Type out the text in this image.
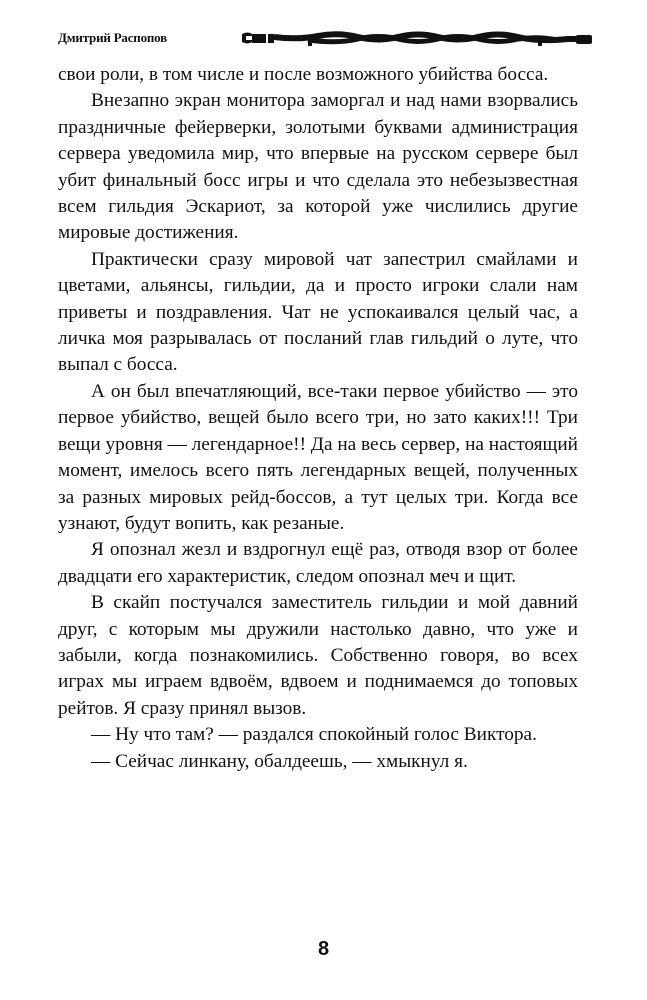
Дмитрий Распопов

свои роли, в том числе и после возможного убийства босса.

Внезапно экран монитора заморгал и над нами взорвались праздничные фейерверки, золотыми буквами администрация сервера уведомила мир, что впервые на русском сервере был убит финальный босс игры и что сделала это небезызвестная всем гильдия Эскариот, за которой уже числились другие мировые достижения.

Практически сразу мировой чат запестрил смайлами и цветами, альянсы, гильдии, да и просто игроки слали нам приветы и поздравления. Чат не успокаивался целый час, а личка моя разрывалась от посланий глав гильдий о луте, что выпал с босса.

А он был впечатляющий, все-таки первое убийство — это первое убийство, вещей было всего три, но зато каких!!! Три вещи уровня — легендарное!! Да на весь сервер, на настоящий момент, имелось всего пять легендарных вещей, полученных за разных мировых рейд-боссов, а тут целых три. Когда все узнают, будут вопить, как резаные.

Я опознал жезл и вздрогнул ещё раз, отводя взор от более двадцати его характеристик, следом опознал меч и щит.

В скайп постучался заместитель гильдии и мой давний друг, с которым мы дружили настолько давно, что уже и забыли, когда познакомились. Собственно говоря, во всех играх мы играем вдвоём, вдвоем и поднимаемся до топовых рейтов. Я сразу принял вызов.

— Ну что там? — раздался спокойный голос Виктора.

— Сейчас линкану, обалдеешь, — хмыкнул я.

8
